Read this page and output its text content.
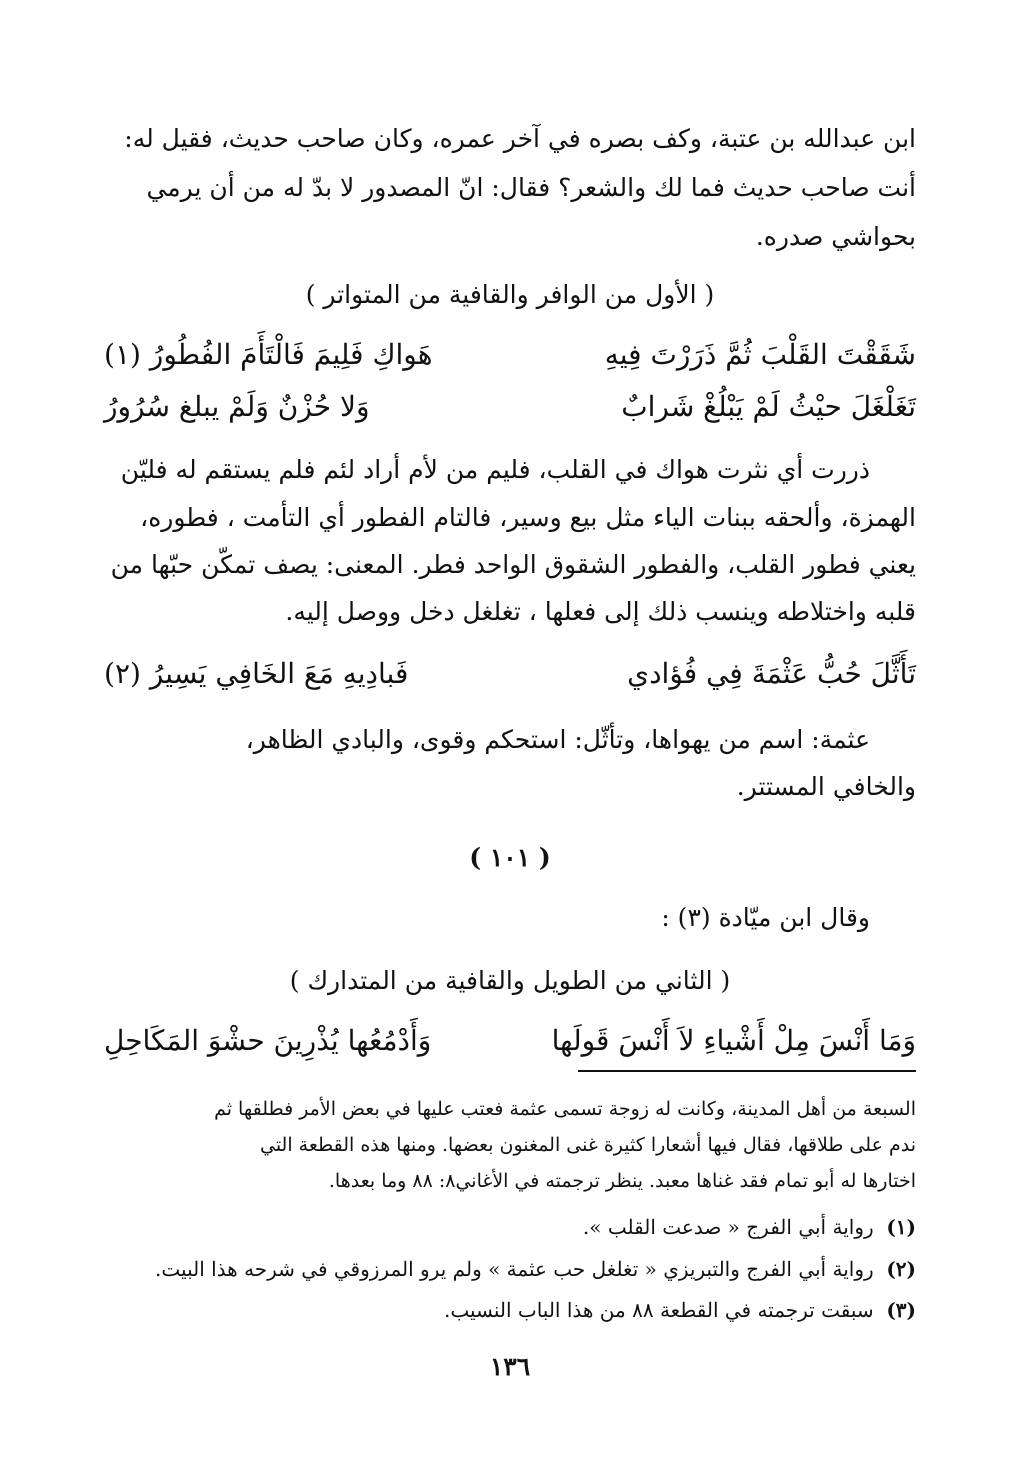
ابن عبدالله بن عتبة، وكف بصره في آخر عمره، وكان صاحب حديث، فقيل له:
أنت صاحب حديث فما لك والشعر؟ فقال: انّ المصدور لا بدّ له من أن يرمي
بحواشي صدره.
( الأول من الوافر والقافية من المتواتر )
شَقَقْتَ القَلْبَ ثُمَّ ذَرَرْتَ فِيهِ
هَواكِ فَلِيمَ فَالْتَأَمَ الفُطُورُ (١)
تَغَلْغَلَ حيْثُ لَمْ يَبْلُغْ شَرابٌ
وَلا حُزْنٌ وَلَمْ يبلغ سُرُورُ
ذررت أي نثرت هواك في القلب، فليم من لأم أراد لئم فلم يستقم له فليّن
الهمزة، وألحقه ببنات الياء مثل بيع وسير، فالتام الفطور أي التأمت ، فطوره،
يعني فطور القلب، والفطور الشقوق الواحد فطر. المعنى: يصف تمكّن حبّها من
قلبه واختلاطه وينسب ذلك إلى فعلها ، تغلغل دخل ووصل إليه.
تَأَثَّلَ حُبُّ عَثْمَةَ فِي فُؤادي
فَبادِيهِ مَعَ الخَافِي يَسِيرُ (٢)
عثمة: اسم من يهواها، وتأثّل: استحكم وقوى، والبادي الظاهر،
والخافي المستتر.
( ١٠١ )
وقال ابن ميّادة (٣) :
( الثاني من الطويل والقافية من المتدارك )
وَمَا أَنْسَ مِلْ أَشْياءِ لاَ أَنْسَ قَولَها
وَأَدْمُعُها يُذْرِينَ حشْوَ المَكَاحِلِ
السبعة من أهل المدينة، وكانت له زوجة تسمى عثمة فعتب عليها في بعض الأمر فطلقها ثم
ندم على طلاقها، فقال فيها أشعارا كثيرة غنى المغنون بعضها. ومنها هذه القطعة التي
اختارها له أبو تمام فقد غناها معبد. ينظر ترجمته في الأغاني٨: ٨٨ وما بعدها.
(١) رواية أبي الفرج « صدعت القلب ».
(٢) رواية أبي الفرج والتبريزي « تغلغل حب عثمة » ولم يرو المرزوقي في شرحه هذا البيت.
(٣) سبقت ترجمته في القطعة ٨٨ من هذا الباب النسيب.
١٣٦
